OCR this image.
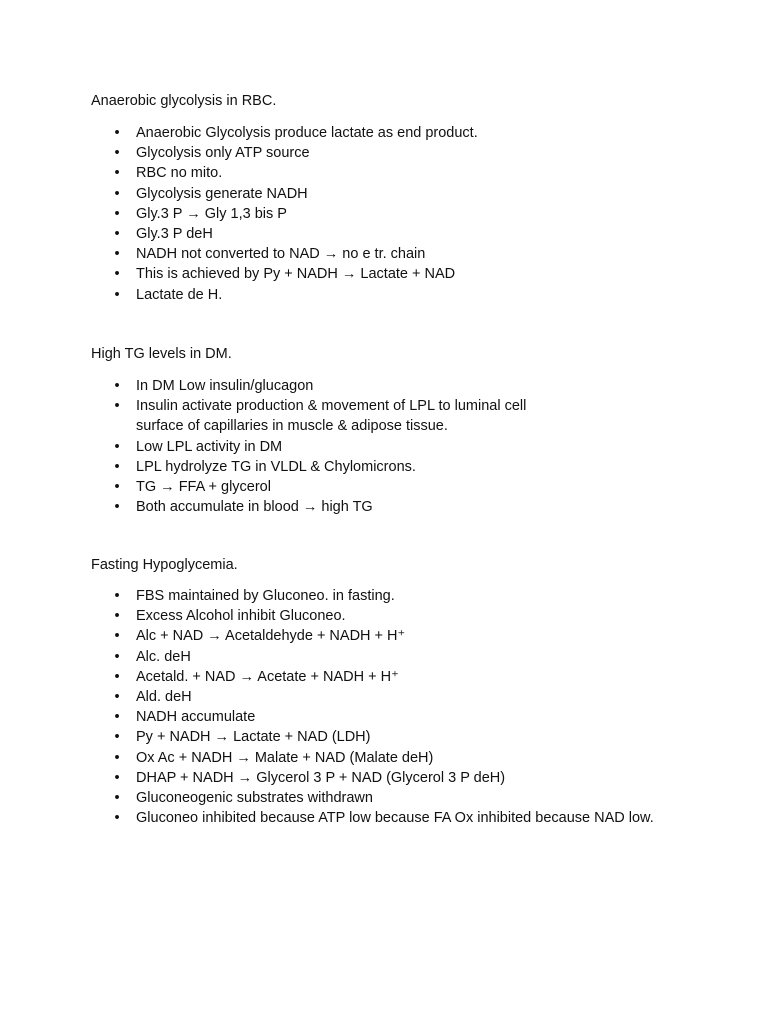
Anaerobic glycolysis in RBC.
• Anaerobic Glycolysis produce lactate as end product.
• Glycolysis only ATP source
• RBC no mito.
• Glycolysis generate NADH
• Gly.3 P → Gly 1,3 bis P
• Gly.3 P deH
• NADH not converted to NAD → no e tr. chain
• This is achieved by Py + NADH → Lactate + NAD
• Lactate de H.
High TG levels in DM.
• In DM Low insulin/glucagon
• Insulin activate production & movement of LPL to luminal cell surface of capillaries in muscle & adipose tissue.
• Low LPL activity in DM
• LPL hydrolyze TG in VLDL & Chylomicrons.
• TG → FFA + glycerol
• Both accumulate in blood → high TG
Fasting Hypoglycemia.
• FBS maintained by Gluconeo. in fasting.
• Excess Alcohol inhibit Gluconeo.
• Alc + NAD → Acetaldehyde + NADH + H⁺
• Alc. deH
• Acetald. + NAD → Acetate + NADH + H⁺
• Ald. deH
• NADH accumulate
• Py + NADH → Lactate + NAD (LDH)
• Ox Ac + NADH → Malate + NAD (Malate deH)
• DHAP + NADH → Glycerol 3 P + NAD (Glycerol 3 P deH)
• Gluconeogenic substrates withdrawn
• Gluconeo inhibited because ATP low because FA Ox inhibited because NAD low.
